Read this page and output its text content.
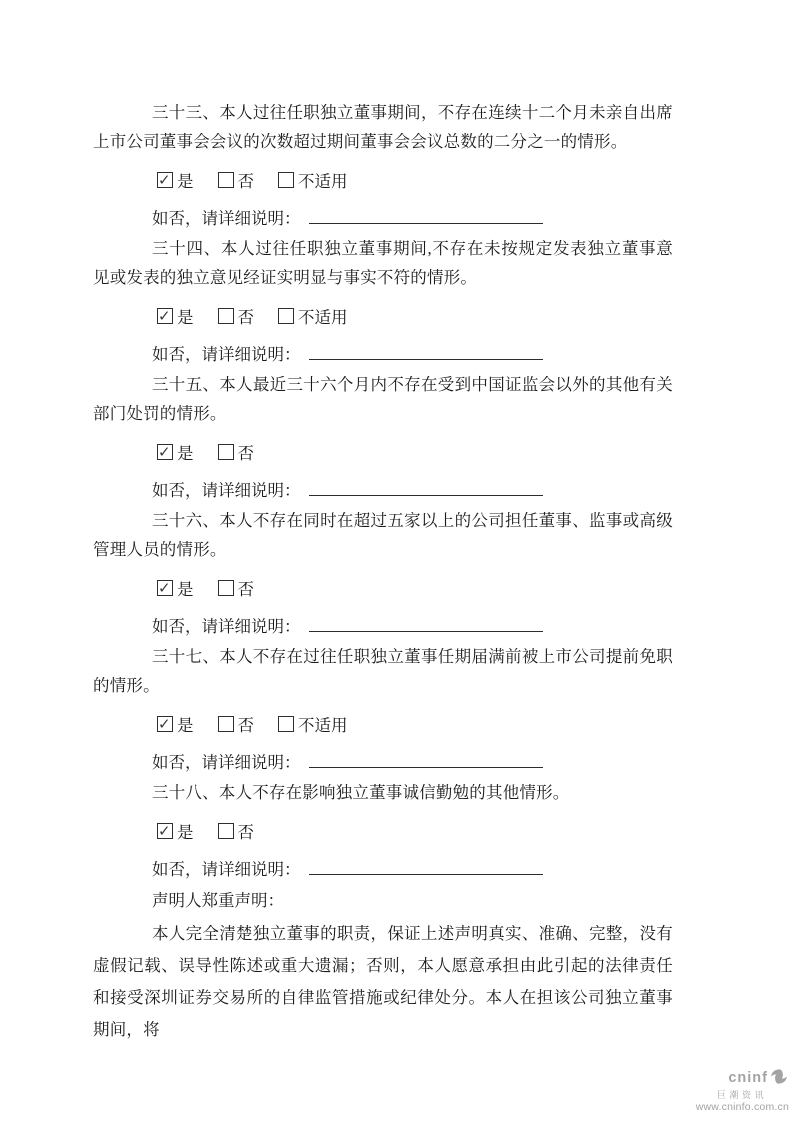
三十三、本人过往任职独立董事期间，不存在连续十二个月未亲自出席上市公司董事会会议的次数超过期间董事会会议总数的二分之一的情形。

✓ 是	否	不适用
如否，请详细说明：

三十四、本人过往任职独立董事期间,不存在未按规定发表独立董事意见或发表的独立意见经证实明显与事实不符的情形。

✓ 是	否	不适用
如否，请详细说明：

三十五、本人最近三十六个月内不存在受到中国证监会以外的其他有关部门处罚的情形。

✓ 是	否
如否，请详细说明：

三十六、本人不存在同时在超过五家以上的公司担任董事、监事或高级管理人员的情形。

✓ 是	否
如否，请详细说明：

三十七、本人不存在过往任职独立董事任期届满前被上市公司提前免职的情形。

✓ 是	否	不适用
如否，请详细说明：

三十八、本人不存在影响独立董事诚信勤勉的其他情形。

✓ 是	否
如否，请详细说明：

声明人郑重声明：

本人完全清楚独立董事的职责，保证上述声明真实、准确、完整，没有虚假记载、误导性陈述或重大遗漏；否则，本人愿意承担由此引起的法律责任和接受深圳证券交易所的自律监管措施或纪律处分。本人在担该公司独立董事期间，将

cninf
巨潮资讯
www.cninfo.com.cn
